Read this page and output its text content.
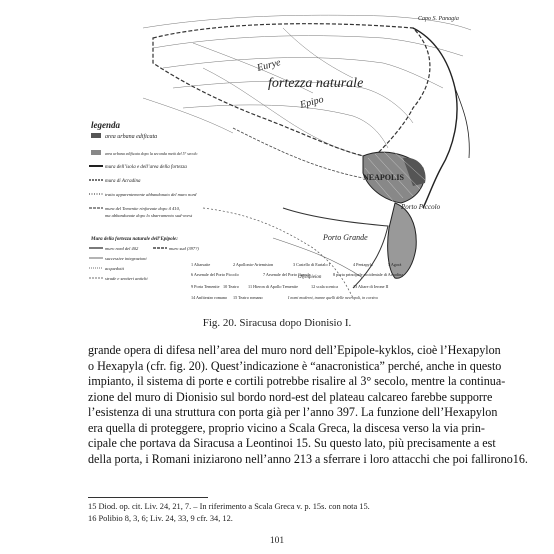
fortezza naturale
Eurye
Epipo
NEAPOLIS
Porto Piccolo
Porto Grande
Capo S. Panagia
Olympieion
legenda
area urbana edificata
area urbana edificata dopo la seconda metà del 5° secolo
mura dell’isola e dell’area della fortezza
mura di Acradina
tratto apparentemente abbandonato del muro nord
mura del Temenite rinforzate dopo il 410,
ma abbandonate dopo lo sbarramento sud-ovest
Mura della fortezza naturale dell’Epipole:
muro nord del 402	muro sud (397?)
successive integrazioni
acquedotti
strade e sentieri antichi
1 Altarsaite	2 Apollonio-Artemision	3 Castello di Eurialo I	4 Pentapyla	5 Agorà
6 Arsenale del Porto Piccolo	7 Arsenale del Porto Grande	8 porta principale occidentale di Acradina
9 Porta Temenite 10 Teatro 11 Hieron di Apollo Temenite	12 scala scenica	13 Altare di Ierone II
14 Anfiteatro romano 15 Teatro romano	I nomi moderni, tranne quelli delle necropoli, in corsivo
Fig. 20. Siracusa dopo Dionisio I.

grande opera di difesa nell’area del muro nord dell’Epipole-kyklos, cioè l’Hexapylon
o Hexapyla (cfr. fig. 20). Quest’indicazione è “anacronistica” perché, anche in questo
impianto, il sistema di porte e cortili potrebbe risalire al 3° secolo, mentre la continua-
zione del muro di Dionisio sul bordo nord-est del plateau calcareo farebbe supporre
l’esistenza di una struttura con porta già per l’anno 397. La funzione dell’Hexapylon
era quella di proteggere, proprio vicino a Scala Greca, la discesa verso la via prin-
cipale che portava da Siracusa a Leontinoi 15. Su questo lato, più precisamente a est
della porta, i Romani iniziarono nell’anno 213 a sferrare i loro attacchi che poi fallirono16.

15 Diod. op. cit. Liv. 24, 21, 7. – In riferimento a Scala Greca v. p. 15s. con nota 15.
16 Polibio 8, 3, 6; Liv. 24, 33, 9 cfr. 34, 12.
101
